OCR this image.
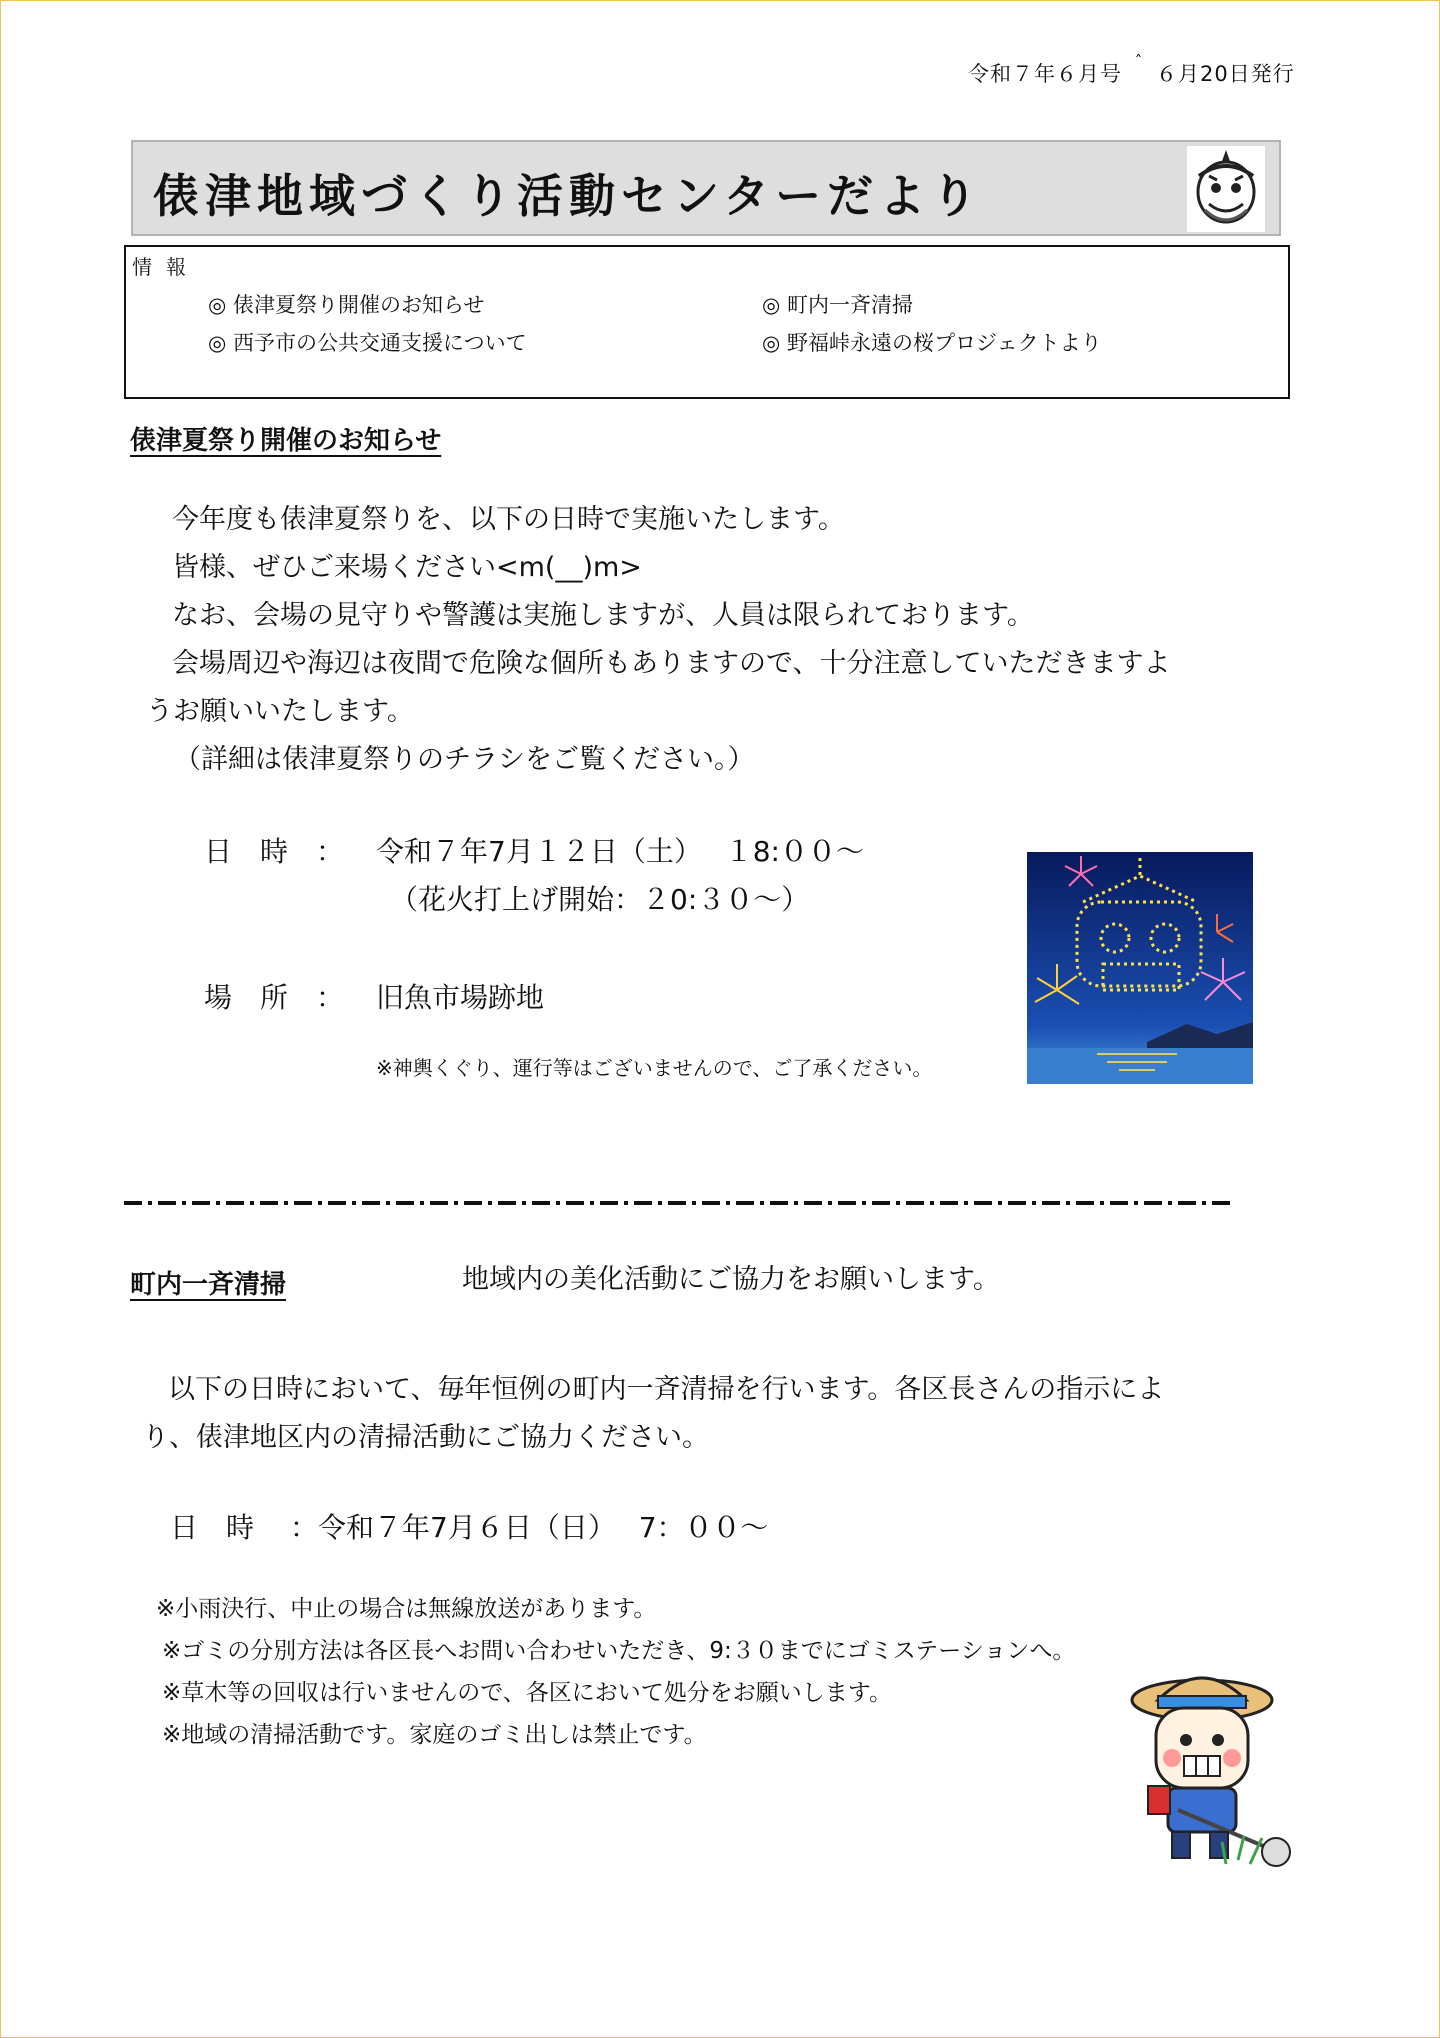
令和７年６月号ˆ６月20日発行
俵津地域づくり活動センターだより
情報
◎ 俵津夏祭り開催のお知らせ	◎ 町内一斉清掃
◎ 西予市の公共交通支援について	◎ 野福峠永遠の桜プロジェクトより
俵津夏祭り開催のお知らせ
今年度も俵津夏祭りを、以下の日時で実施いたします。
皆様、ぜひご来場ください<m(__)m>
なお、会場の見守りや警護は実施しますが、人員は限られております。
会場周辺や海辺は夜間で危険な個所もありますので、十分注意していただきますよ
うお願いいたします。
（詳細は俵津夏祭りのチラシをご覧ください。）
日　時　： 令和７年7月１２日（土）　 １8:００～
（花火打上げ開始：２0:３０～）
場　所　： 旧魚市場跡地
※神輿くぐり、運行等はございませんので、ご了承ください。
町内一斉清掃	地域内の美化活動にご協力をお願いします。
以下の日時において、毎年恒例の町内一斉清掃を行います。各区長さんの指示によ
り、俵津地区内の清掃活動にご協力ください。
日　時 ：令和７年7月６日（日）　 7：００～
※小雨決行、中止の場合は無線放送があります。
※ゴミの分別方法は各区長へお問い合わせいただき、9:３０までにゴミステーションへ。
※草木等の回収は行いませんので、各区において処分をお願いします。
※地域の清掃活動です。家庭のゴミ出しは禁止です。
